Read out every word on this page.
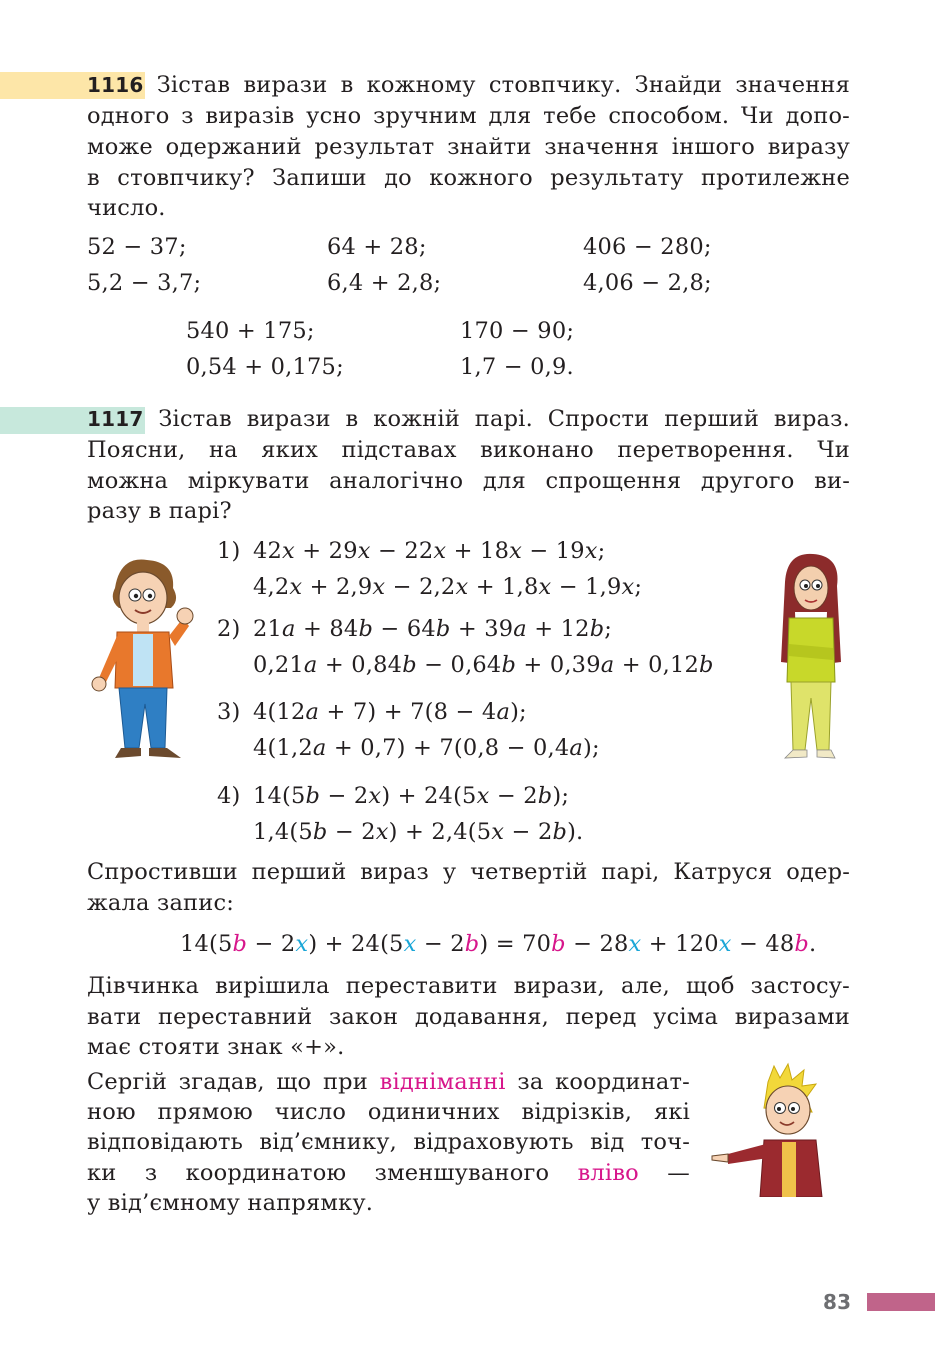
1116 Зістав вирази в кожному стовпчику. Знайди значення
одного з виразів усно зручним для тебе способом. Чи допо-
може одержаний результат знайти значення іншого виразу
в стовпчику? Запиши до кожного результату протилежне
число.
52 − 37;	64 + 28;	406 − 280;
5,2 − 3,7;	6,4 + 2,8;	4,06 − 2,8;
540 + 175;	170 − 90;
0,54 + 0,175;	1,7 − 0,9.
1117 Зістав вирази в кожній парі. Спрости перший вираз.
Поясни, на яких підставах виконано перетворення. Чи
можна міркувати аналогічно для спрощення другого ви-
разу в парі?
1) 42x + 29x − 22x + 18x − 19x;
4,2x + 2,9x − 2,2x + 1,8x − 1,9x;
2) 21a + 84b − 64b + 39a + 12b;
0,21a + 0,84b − 0,64b + 0,39a + 0,12b
3) 4(12a + 7) + 7(8 − 4a);
4(1,2a + 0,7) + 7(0,8 − 0,4a);
4) 14(5b − 2x) + 24(5x − 2b);
1,4(5b − 2x) + 2,4(5x − 2b).
Спростивши перший вираз у четвертій парі, Катруся одер-
жала запис:
14(5b − 2x) + 24(5x − 2b) = 70b − 28x + 120x − 48b.
Дівчинка вирішила переставити вирази, але, щоб застосу-
вати переставний закон додавання, перед усіма виразами
має стояти знак «+».
Сергій згадав, що при відніманні за координат-
ною прямою число одиничних відрізків, які
відповідають від’ємнику, відраховують від точ-
ки з координатою зменшуваного вліво —
у від’ємному напрямку.
83
